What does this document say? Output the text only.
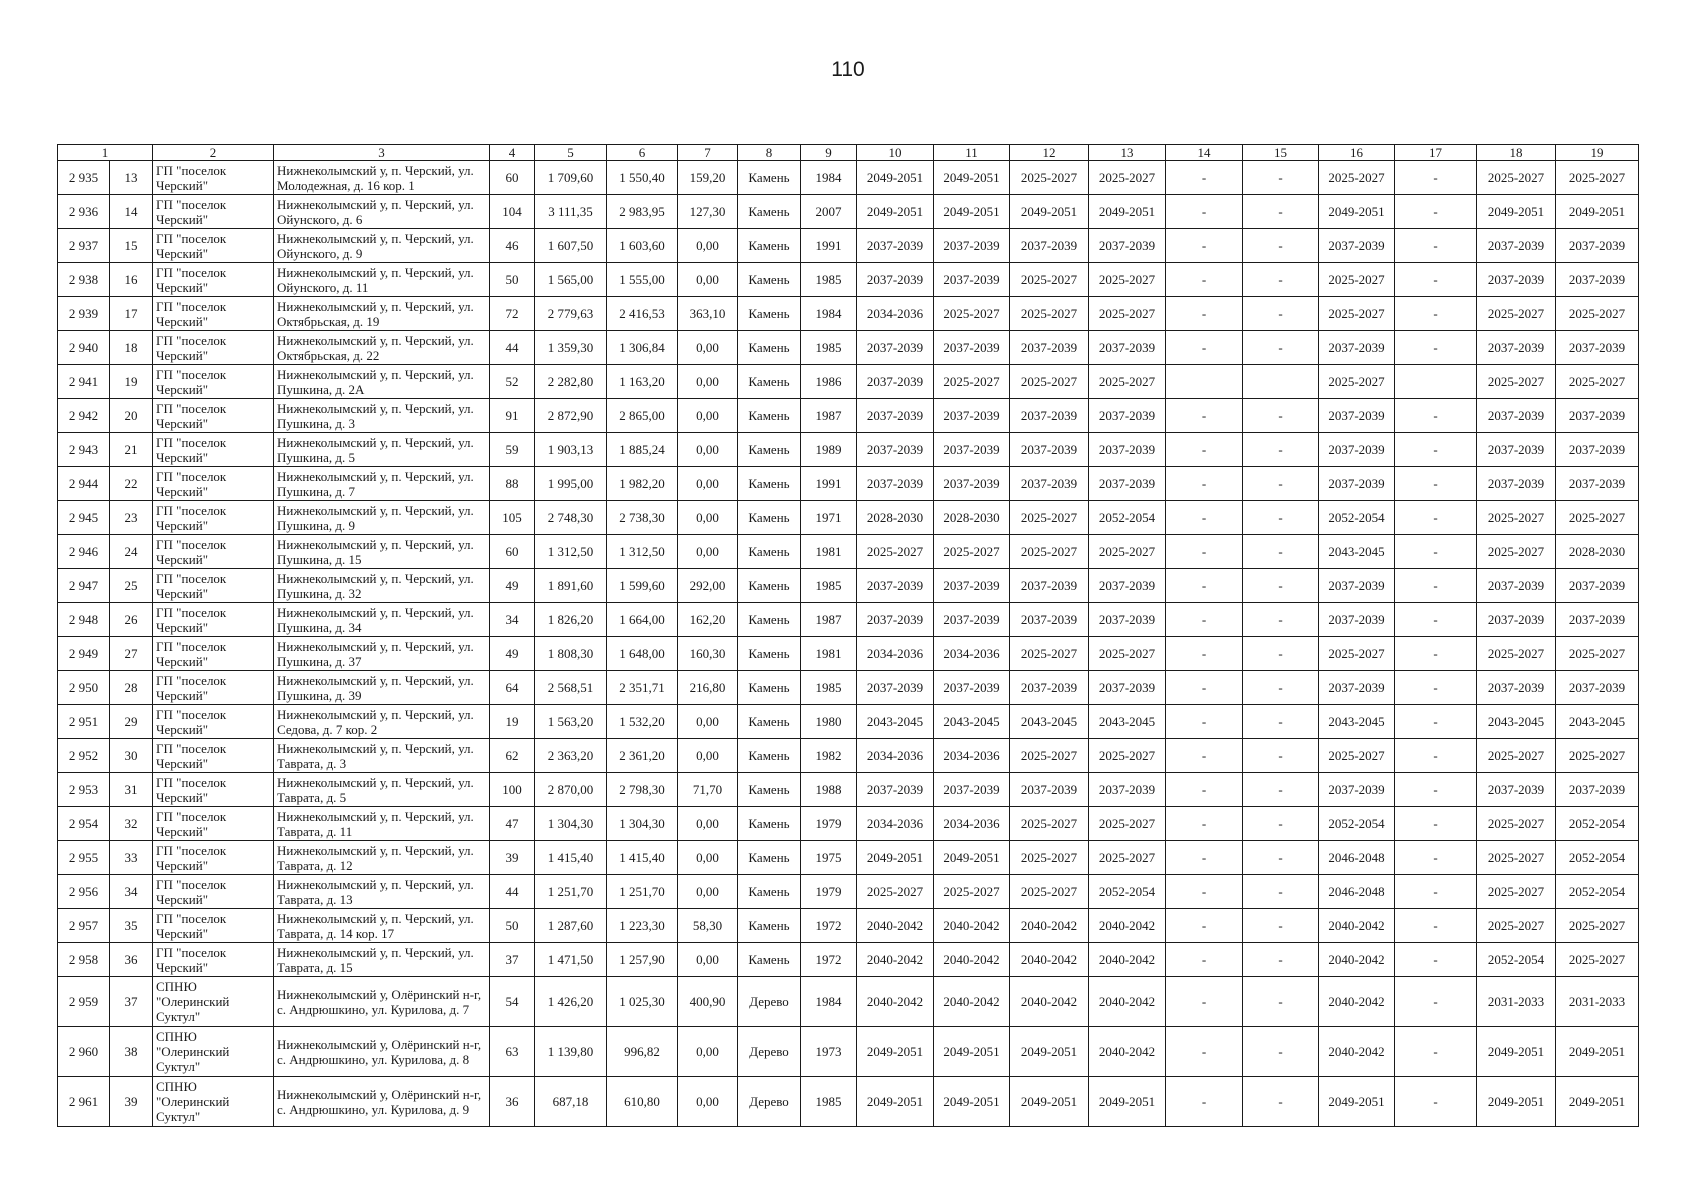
110
1		2	3	4	5	6	7	8	9	10	11	12	13	14	15	16	17	18	19
2 935	13	ГП "поселок Черский"	Нижнеколымский у, п. Черский, ул. Молодежная, д. 16 кор. 1	60	1 709,60	1 550,40	159,20	Камень	1984	2049-2051	2049-2051	2025-2027	2025-2027	-	-	2025-2027	-	2025-2027	2025-2027
2 936	14	ГП "поселок Черский"	Нижнеколымский у, п. Черский, ул. Ойунского, д. 6	104	3 111,35	2 983,95	127,30	Камень	2007	2049-2051	2049-2051	2049-2051	2049-2051	-	-	2049-2051	-	2049-2051	2049-2051
2 937	15	ГП "поселок Черский"	Нижнеколымский у, п. Черский, ул. Ойунского, д. 9	46	1 607,50	1 603,60	0,00	Камень	1991	2037-2039	2037-2039	2037-2039	2037-2039	-	-	2037-2039	-	2037-2039	2037-2039
2 938	16	ГП "поселок Черский"	Нижнеколымский у, п. Черский, ул. Ойунского, д. 11	50	1 565,00	1 555,00	0,00	Камень	1985	2037-2039	2037-2039	2025-2027	2025-2027	-	-	2025-2027	-	2037-2039	2037-2039
2 939	17	ГП "поселок Черский"	Нижнеколымский у, п. Черский, ул. Октябрьская, д. 19	72	2 779,63	2 416,53	363,10	Камень	1984	2034-2036	2025-2027	2025-2027	2025-2027	-	-	2025-2027	-	2025-2027	2025-2027
2 940	18	ГП "поселок Черский"	Нижнеколымский у, п. Черский, ул. Октябрьская, д. 22	44	1 359,30	1 306,84	0,00	Камень	1985	2037-2039	2037-2039	2037-2039	2037-2039	-	-	2037-2039	-	2037-2039	2037-2039
2 941	19	ГП "поселок Черский"	Нижнеколымский у, п. Черский, ул. Пушкина, д. 2А	52	2 282,80	1 163,20	0,00	Камень	1986	2037-2039	2025-2027	2025-2027	2025-2027			2025-2027		2025-2027	2025-2027
2 942	20	ГП "поселок Черский"	Нижнеколымский у, п. Черский, ул. Пушкина, д. 3	91	2 872,90	2 865,00	0,00	Камень	1987	2037-2039	2037-2039	2037-2039	2037-2039	-	-	2037-2039	-	2037-2039	2037-2039
2 943	21	ГП "поселок Черский"	Нижнеколымский у, п. Черский, ул. Пушкина, д. 5	59	1 903,13	1 885,24	0,00	Камень	1989	2037-2039	2037-2039	2037-2039	2037-2039	-	-	2037-2039	-	2037-2039	2037-2039
2 944	22	ГП "поселок Черский"	Нижнеколымский у, п. Черский, ул. Пушкина, д. 7	88	1 995,00	1 982,20	0,00	Камень	1991	2037-2039	2037-2039	2037-2039	2037-2039	-	-	2037-2039	-	2037-2039	2037-2039
2 945	23	ГП "поселок Черский"	Нижнеколымский у, п. Черский, ул. Пушкина, д. 9	105	2 748,30	2 738,30	0,00	Камень	1971	2028-2030	2028-2030	2025-2027	2052-2054	-	-	2052-2054	-	2025-2027	2025-2027
2 946	24	ГП "поселок Черский"	Нижнеколымский у, п. Черский, ул. Пушкина, д. 15	60	1 312,50	1 312,50	0,00	Камень	1981	2025-2027	2025-2027	2025-2027	2025-2027	-	-	2043-2045	-	2025-2027	2028-2030
2 947	25	ГП "поселок Черский"	Нижнеколымский у, п. Черский, ул. Пушкина, д. 32	49	1 891,60	1 599,60	292,00	Камень	1985	2037-2039	2037-2039	2037-2039	2037-2039	-	-	2037-2039	-	2037-2039	2037-2039
2 948	26	ГП "поселок Черский"	Нижнеколымский у, п. Черский, ул. Пушкина, д. 34	34	1 826,20	1 664,00	162,20	Камень	1987	2037-2039	2037-2039	2037-2039	2037-2039	-	-	2037-2039	-	2037-2039	2037-2039
2 949	27	ГП "поселок Черский"	Нижнеколымский у, п. Черский, ул. Пушкина, д. 37	49	1 808,30	1 648,00	160,30	Камень	1981	2034-2036	2034-2036	2025-2027	2025-2027	-	-	2025-2027	-	2025-2027	2025-2027
2 950	28	ГП "поселок Черский"	Нижнеколымский у, п. Черский, ул. Пушкина, д. 39	64	2 568,51	2 351,71	216,80	Камень	1985	2037-2039	2037-2039	2037-2039	2037-2039	-	-	2037-2039	-	2037-2039	2037-2039
2 951	29	ГП "поселок Черский"	Нижнеколымский у, п. Черский, ул. Седова, д. 7 кор. 2	19	1 563,20	1 532,20	0,00	Камень	1980	2043-2045	2043-2045	2043-2045	2043-2045	-	-	2043-2045	-	2043-2045	2043-2045
2 952	30	ГП "поселок Черский"	Нижнеколымский у, п. Черский, ул. Таврата, д. 3	62	2 363,20	2 361,20	0,00	Камень	1982	2034-2036	2034-2036	2025-2027	2025-2027	-	-	2025-2027	-	2025-2027	2025-2027
2 953	31	ГП "поселок Черский"	Нижнеколымский у, п. Черский, ул. Таврата, д. 5	100	2 870,00	2 798,30	71,70	Камень	1988	2037-2039	2037-2039	2037-2039	2037-2039	-	-	2037-2039	-	2037-2039	2037-2039
2 954	32	ГП "поселок Черский"	Нижнеколымский у, п. Черский, ул. Таврата, д. 11	47	1 304,30	1 304,30	0,00	Камень	1979	2034-2036	2034-2036	2025-2027	2025-2027	-	-	2052-2054	-	2025-2027	2052-2054
2 955	33	ГП "поселок Черский"	Нижнеколымский у, п. Черский, ул. Таврата, д. 12	39	1 415,40	1 415,40	0,00	Камень	1975	2049-2051	2049-2051	2025-2027	2025-2027	-	-	2046-2048	-	2025-2027	2052-2054
2 956	34	ГП "поселок Черский"	Нижнеколымский у, п. Черский, ул. Таврата, д. 13	44	1 251,70	1 251,70	0,00	Камень	1979	2025-2027	2025-2027	2025-2027	2052-2054	-	-	2046-2048	-	2025-2027	2052-2054
2 957	35	ГП "поселок Черский"	Нижнеколымский у, п. Черский, ул. Таврата, д. 14 кор. 17	50	1 287,60	1 223,30	58,30	Камень	1972	2040-2042	2040-2042	2040-2042	2040-2042	-	-	2040-2042	-	2025-2027	2025-2027
2 958	36	ГП "поселок Черский"	Нижнеколымский у, п. Черский, ул. Таврата, д. 15	37	1 471,50	1 257,90	0,00	Камень	1972	2040-2042	2040-2042	2040-2042	2040-2042	-	-	2040-2042	-	2052-2054	2025-2027
2 959	37	СПНЮ "Олеринский Суктул"	Нижнеколымский у, Олёринский н-г, с. Андрюшкино, ул. Курилова, д. 7	54	1 426,20	1 025,30	400,90	Дерево	1984	2040-2042	2040-2042	2040-2042	2040-2042	-	-	2040-2042	-	2031-2033	2031-2033
2 960	38	СПНЮ "Олеринский Суктул"	Нижнеколымский у, Олёринский н-г, с. Андрюшкино, ул. Курилова, д. 8	63	1 139,80	996,82	0,00	Дерево	1973	2049-2051	2049-2051	2049-2051	2040-2042	-	-	2040-2042	-	2049-2051	2049-2051
2 961	39	СПНЮ "Олеринский Суктул"	Нижнеколымский у, Олёринский н-г, с. Андрюшкино, ул. Курилова, д. 9	36	687,18	610,80	0,00	Дерево	1985	2049-2051	2049-2051	2049-2051	2049-2051	-	-	2049-2051	-	2049-2051	2049-2051
